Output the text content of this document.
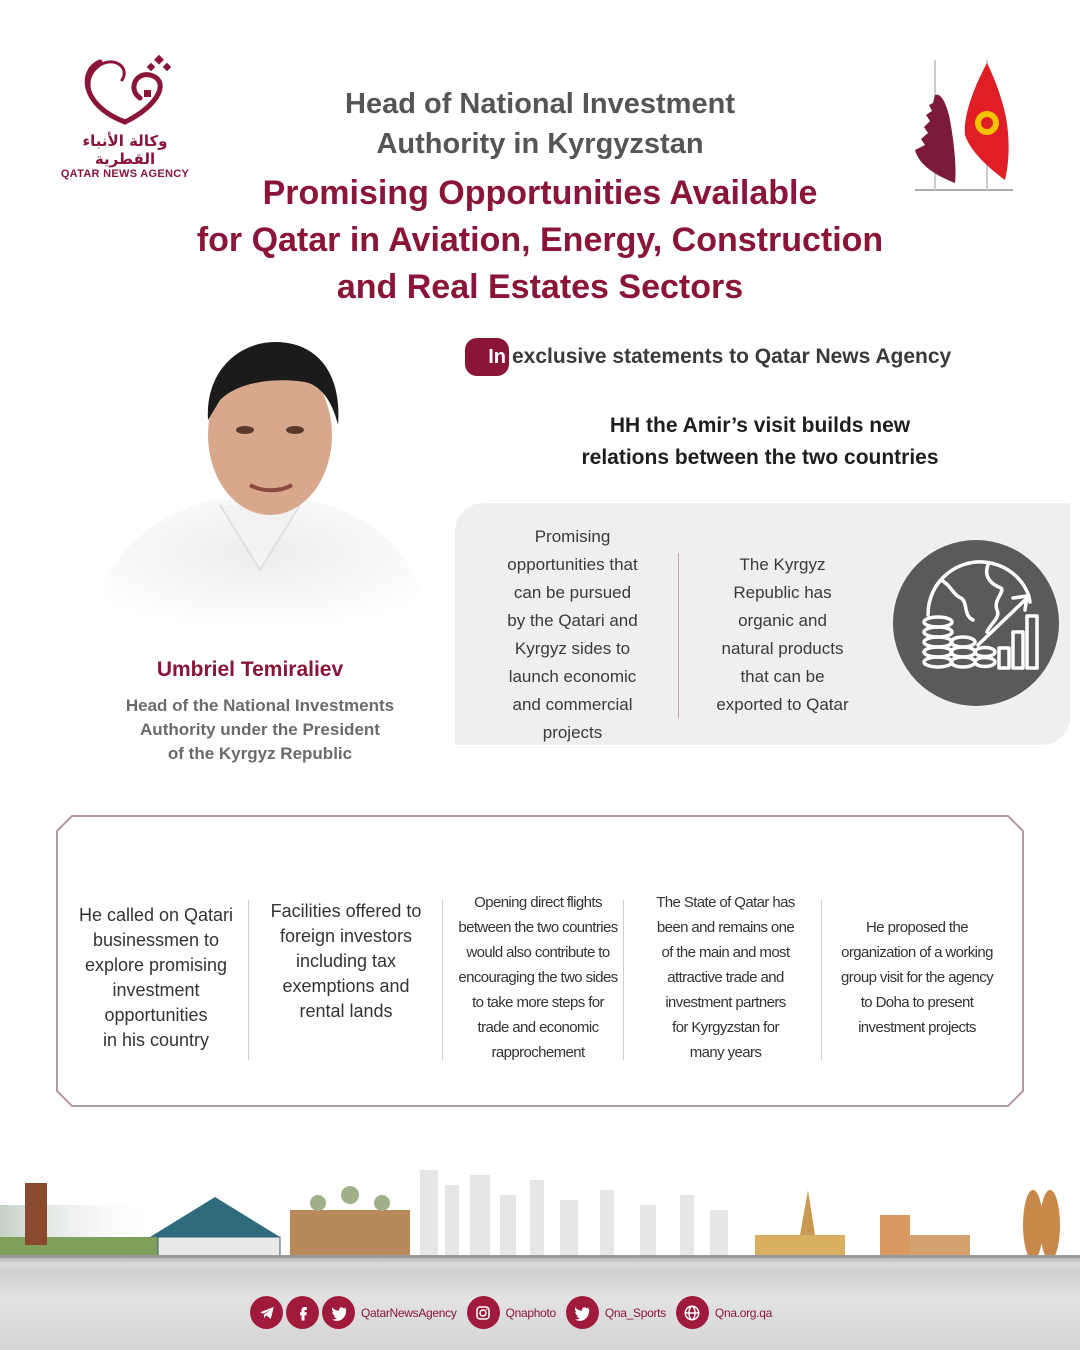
وكالة الأنباء القطرية
QATAR NEWS AGENCY
Head of National Investment
Authority in Kyrgyzstan
Promising Opportunities Available
for Qatar in Aviation, Energy, Construction
and Real Estates Sectors
In exclusive statements to Qatar News Agency
HH the Amir’s visit builds new
relations between the two countries
Umbriel Temiraliev
Head of the National Investments
Authority under the President
of the Kyrgyz Republic
Promising
opportunities that
can be pursued
by the Qatari and
Kyrgyz sides to
launch economic
and commercial
projects
The Kyrgyz
Republic has
organic and
natural products
that can be
exported to Qatar
He called on Qatari
businessmen to
explore promising
investment
opportunities
in his country
Facilities offered to
foreign investors
including tax
exemptions and
rental lands
Opening direct flights
between the two countries
would also contribute to
encouraging the two sides
to take more steps for
trade and economic
rapprochement
The State of Qatar has
been and remains one
of the main and most
attractive trade and
investment partners
for Kyrgyzstan for
many years
He proposed the
organization of a working
group visit for the agency
to Doha to present
investment projects
QatarNewsAgency	Qnaphoto	Qna_Sports	Qna.org.qa
